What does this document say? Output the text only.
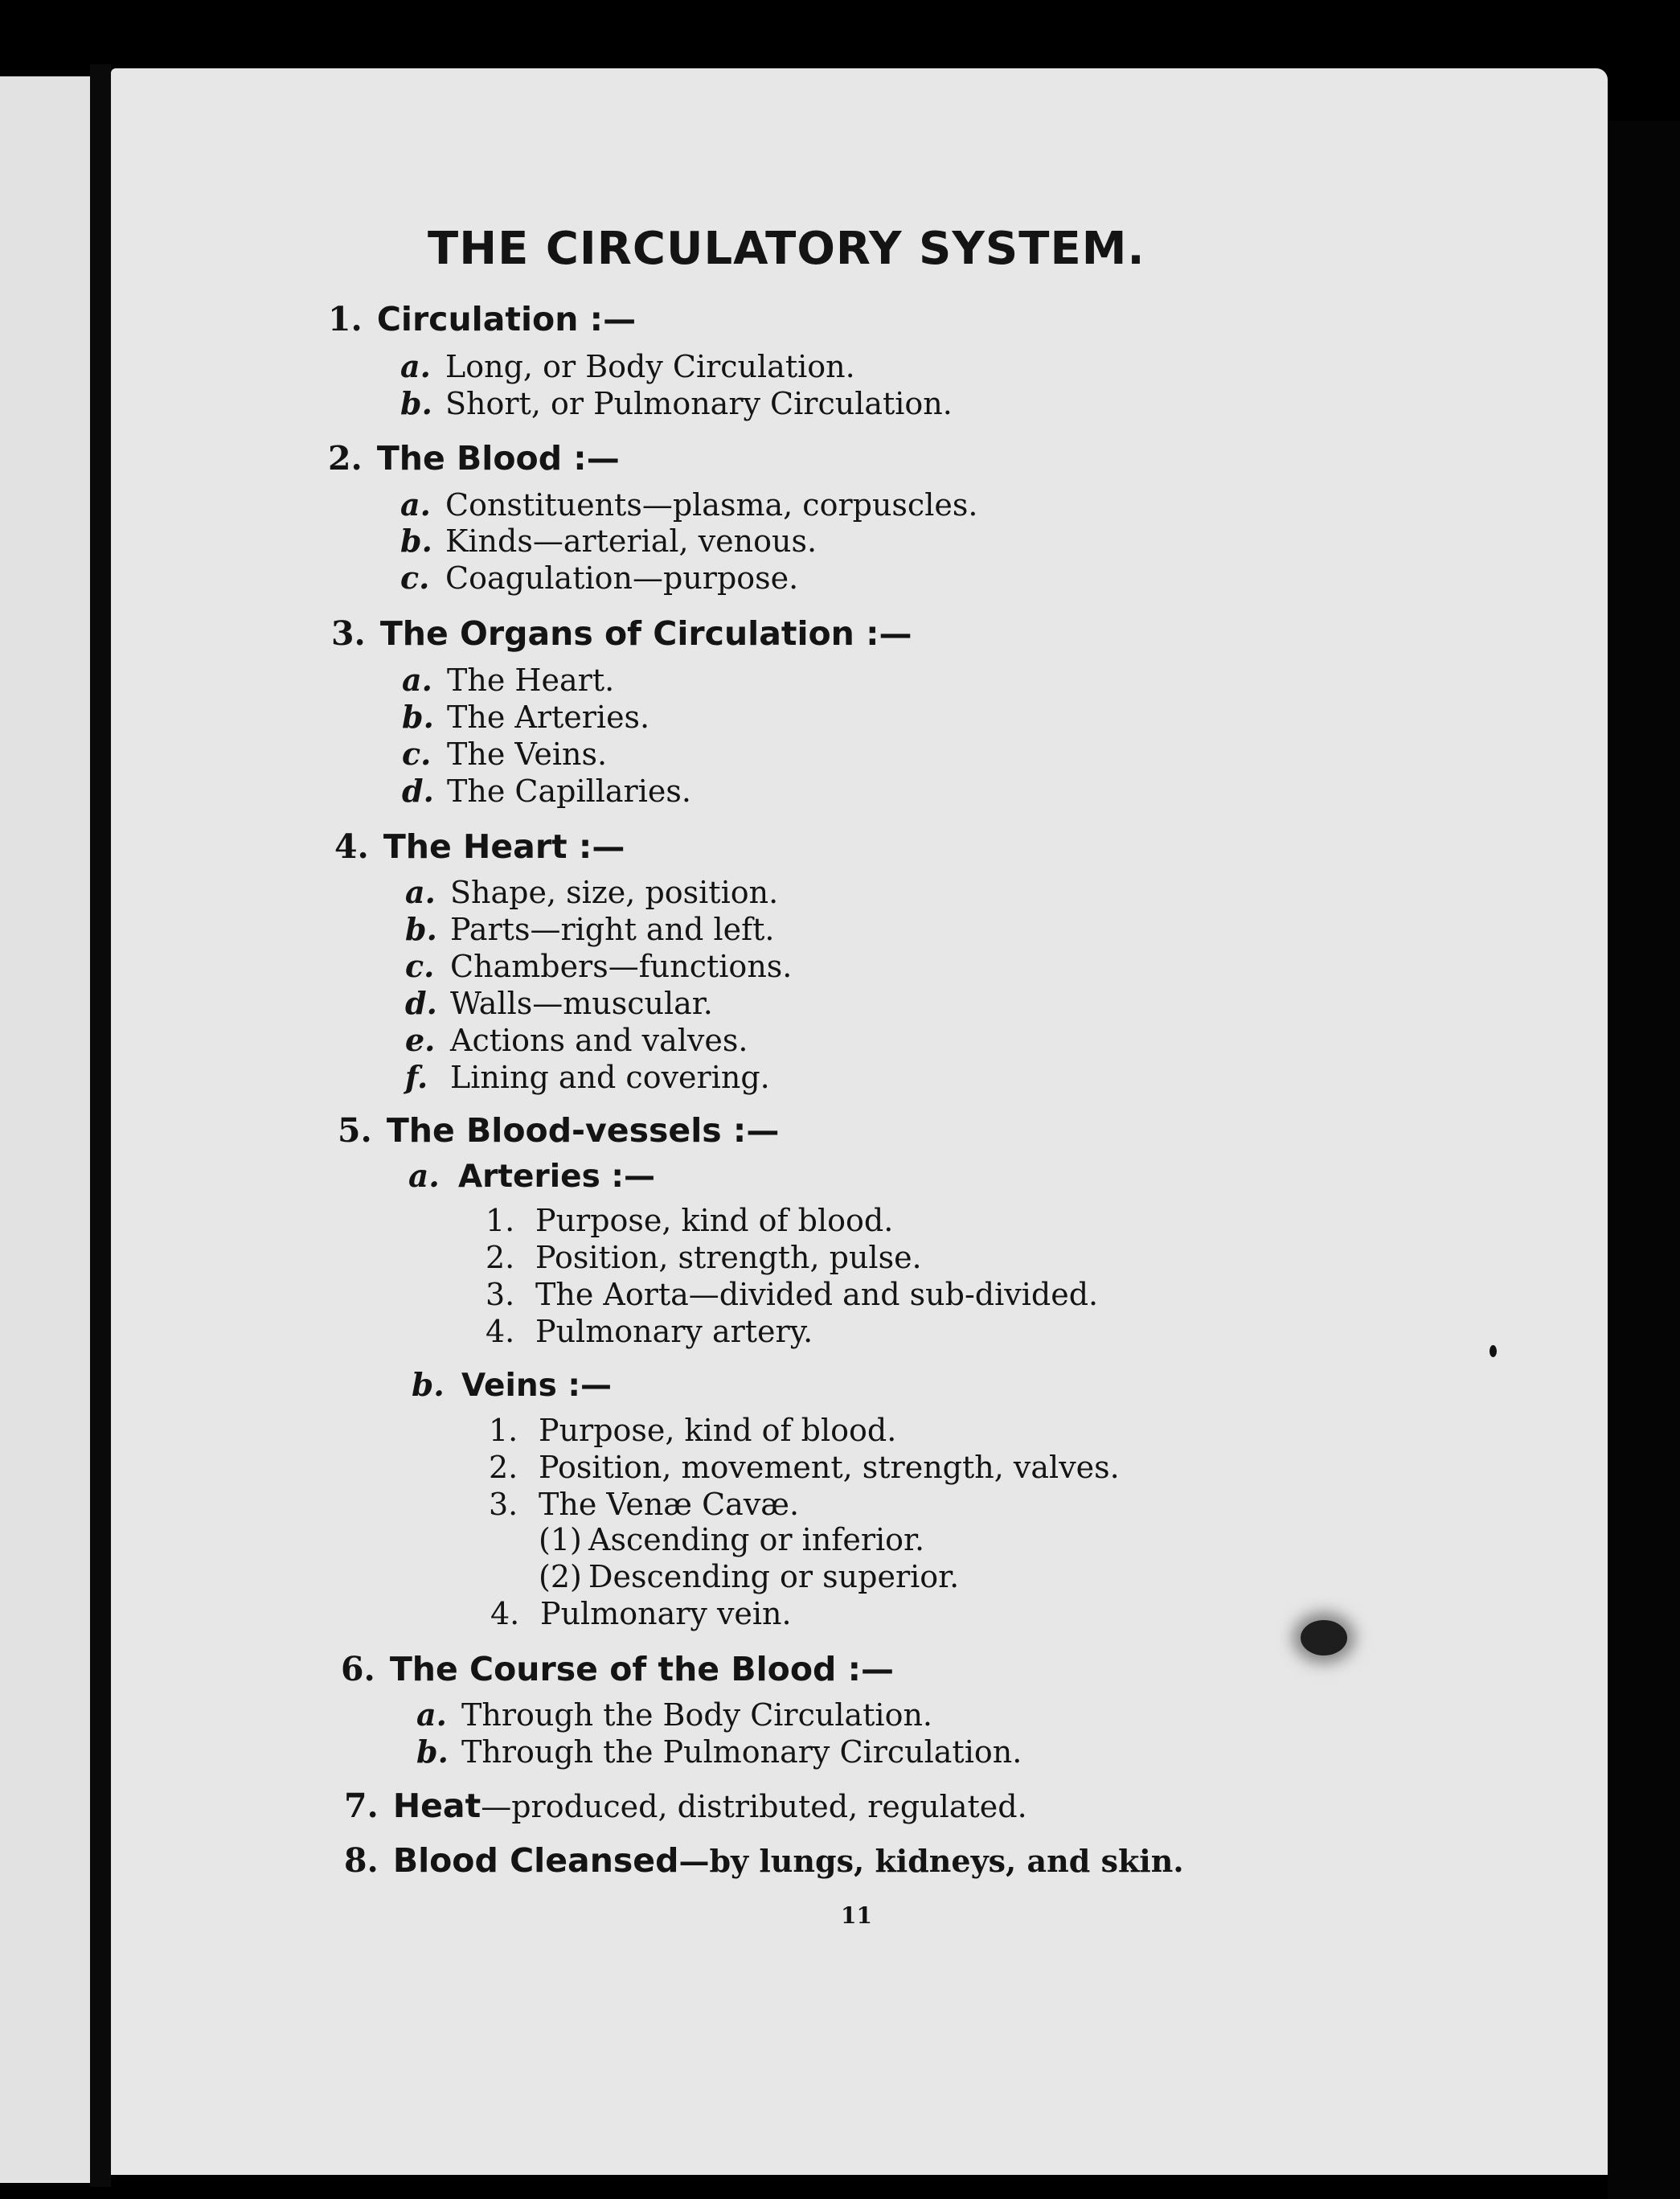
THE CIRCULATORY SYSTEM.
1. Circulation :—
a. Long, or Body Circulation.
b. Short, or Pulmonary Circulation.
2. The Blood :—
a. Constituents—plasma, corpuscles.
b. Kinds—arterial, venous.
c. Coagulation—purpose.
3. The Organs of Circulation :—
a. The Heart.
b. The Arteries.
c. The Veins.
d. The Capillaries.
4. The Heart :—
a. Shape, size, position.
b. Parts—right and left.
c. Chambers—functions.
d. Walls—muscular.
e. Actions and valves.
f. Lining and covering.
5. The Blood-vessels :—
a. Arteries :—
1. Purpose, kind of blood.
2. Position, strength, pulse.
3. The Aorta—divided and sub-divided.
4. Pulmonary artery.
b. Veins :—
1. Purpose, kind of blood.
2. Position, movement, strength, valves.
3. The Venæ Cavæ.
(1) Ascending or inferior.
(2) Descending or superior.
4. Pulmonary vein.
6. The Course of the Blood :—
a. Through the Body Circulation.
b. Through the Pulmonary Circulation.
7. Heat—produced, distributed, regulated.
8. Blood Cleansed—by lungs, kidneys, and skin.
11
